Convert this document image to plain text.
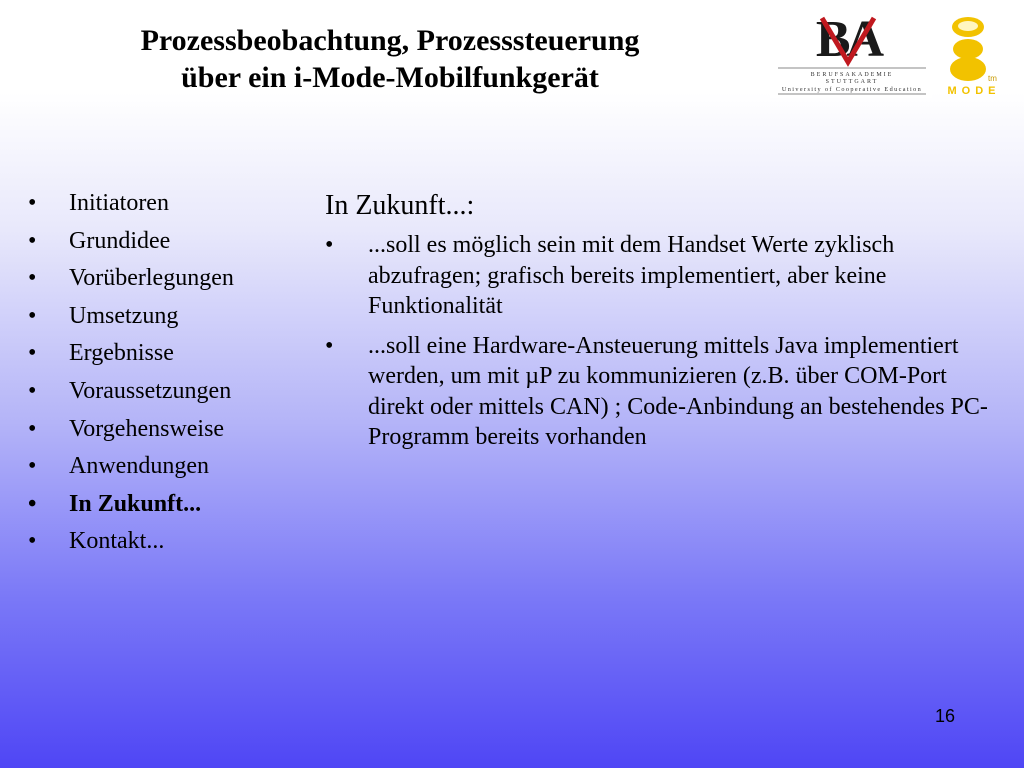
Prozessbeobachtung, Prozesssteuerung
über ein i-Mode-Mobilfunkgerät
BA
BERUFSAKADEMIE
STUTTGART
University of Cooperative Education
tm
MODE
• Initiatoren
• Grundidee
• Vorüberlegungen
• Umsetzung
• Ergebnisse
• Voraussetzungen
• Vorgehensweise
• Anwendungen
• In Zukunft...
• Kontakt...
In Zukunft...:
• ...soll es möglich sein mit dem Handset Werte zyklisch abzufragen; grafisch bereits implementiert, aber keine Funktionalität
• ...soll eine Hardware-Ansteuerung mittels Java implementiert werden, um mit µP zu kommunizieren (z.B. über COM-Port direkt oder mittels CAN) ; Code-Anbindung an bestehendes PC-Programm bereits vorhanden
16
